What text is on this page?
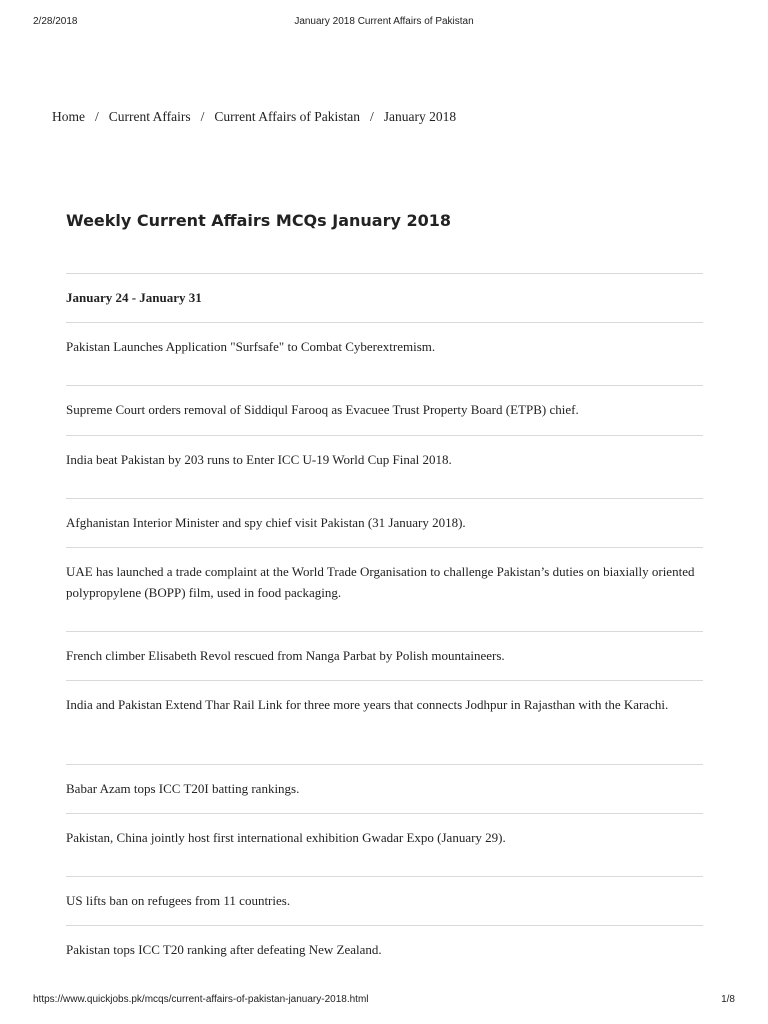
2/28/2018	January 2018 Current Affairs of Pakistan
Home / Current Affairs / Current Affairs of Pakistan / January 2018
Weekly Current Affairs MCQs January 2018
January 24 - January 31
Pakistan Launches Application "Surfsafe" to Combat Cyberextremism.
Supreme Court orders removal of Siddiqul Farooq as Evacuee Trust Property Board (ETPB) chief.
India beat Pakistan by 203 runs to Enter ICC U-19 World Cup Final 2018.
Afghanistan Interior Minister and spy chief visit Pakistan (31 January 2018).
UAE has launched a trade complaint at the World Trade Organisation to challenge Pakistan’s duties on biaxially oriented polypropylene (BOPP) film, used in food packaging.
French climber Elisabeth Revol rescued from Nanga Parbat by Polish mountaineers.
India and Pakistan Extend Thar Rail Link for three more years that connects Jodhpur in Rajasthan with the Karachi.
Babar Azam tops ICC T20I batting rankings.
Pakistan, China jointly host first international exhibition Gwadar Expo (January 29).
US lifts ban on refugees from 11 countries.
Pakistan tops ICC T20 ranking after defeating New Zealand.
https://www.quickjobs.pk/mcqs/current-affairs-of-pakistan-january-2018.html	1/8
